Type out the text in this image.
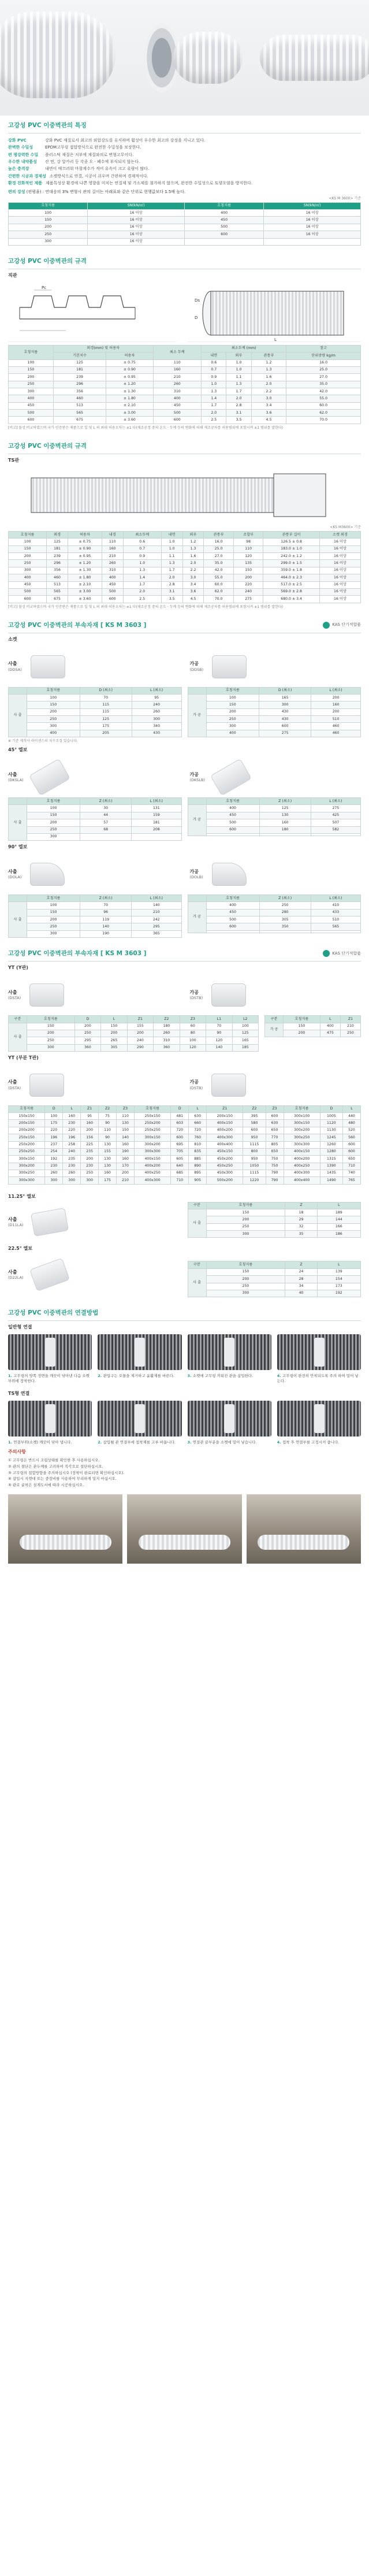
고강성 PVC 이중벽관의 특징
강화 PVC	강화 PVC 재질로서 최고의 외압강도를 유지하며 휨성이 우수한 최고의 강성을 지니고 있다.
완벽한 수밀성	EPDM고무링 접합방식으로 완전한 수밀성을 보장한다.
편 평강력한 수밀	플러스틱 재질은 저부에 재질와의로 변형고무이다.
우수한 내약품성	산 먼, 강 알카리 등 각종 오 · 폐수에 부식되지 않는다.
높은 충격강	내면이 매끄러워 마찰계수가 적어 유속이 크고 유량이 많다.
간편한 시공과 경제성 소켓방식으로 연결, 시공이 쉬우며 간편하며 경제적이다.
환경 친화적인 제품 제품특성상 환경에 나쁜 영향을 미치는 연질제 및 가소제를 첨가하지 않으며, 완전한 수밀성으로 토양오염을 방지한다.
편의 강성 (편평율) : 연대응의 3% 변형시 관의 길이는 아래표와 같은 단위로 현행값보다 1.5배 높다.
<KS M 3600> 기준
호칭지름	SN(kN/㎡)	호칭지름	SN(kN/㎡)
100	16 이상	400	16 이상
150	16 이상	450	16 이상
200	16 이상	500	16 이상
250	16 이상	600	16 이상
300	16 이상		
고강성 PVC 이중벽관의 규격
직관
Pc
Ds
L
D
호칭지름	외경(mm) 및 허용차		최소 두께	최소두께 (mm)			참고
	기본치수	허용차		내면	외부	관통부	단위중량 kg/m
100	125	± 0.75	110	0.6	1.0	1.2	16.0
150	181	± 0.90	160	0.7	1.0	1.3	25.0
200	239	± 0.95	210	0.9	1.1	1.6	27.0
250	296	± 1.20	260	1.0	1.3	2.0	35.0
300	356	± 1.30	310	1.3	1.7	2.2	42.0
400	460	± 1.80	400	1.4	2.0	3.0	55.0
450	513	± 2.10	450	1.7	2.8	3.4	60.0
500	565	± 3.00	500	2.0	3.1	3.6	62.0
600	675	± 3.60	600	2.5	3.5	4.5	70.0
[비고] 물성 비교하였으며 국가 인증받은 제품으로 일 및 L 의 최대 허용오차는 ±1 다(제조공정 중의 온도 · 두께 등의 변화에 의해 제조공차를 허용범위에 포함시켜 ±1 범위를 말한다)
고강성 PVC 이중벽관의 규격
TS관
<KS M3600> 기준
호칭지름	외경	허용차	내경	최소두께	내면	외부	관통부	조합부	관통부 길이	소켓 외경
100	125	± 0.75	110	0.6	1.0	1.2	16.0	98	126.5 ± 0.8	16 이상
150	181	± 0.90	160	0.7	1.0	1.3	25.0	110	183.0 ± 1.0	16 이상
200	239	± 0.95	210	0.9	1.1	1.6	27.0	120	242.0 ± 1.2	16 이상
250	296	± 1.20	260	1.0	1.3	2.0	35.0	135	299.0 ± 1.5	16 이상
300	356	± 1.30	310	1.3	1.7	2.2	42.0	150	359.0 ± 1.8	16 이상
400	460	± 1.80	400	1.4	2.0	3.0	55.0	200	464.0 ± 2.3	16 이상
450	513	± 2.10	450	1.7	2.8	3.4	60.0	220	517.0 ± 2.5	16 이상
500	565	± 3.00	500	2.0	3.1	3.6	62.0	240	569.0 ± 2.8	16 이상
600	675	± 3.60	600	2.5	3.5	4.5	70.0	275	680.0 ± 3.4	16 이상
[비고] 물성 비교하였으며 국가 인증받은 제품으로 일 및 L 의 최대 허용오차는 ±1 다(제조공정 중의 온도 · 두께 등의 변화에 의해 제조공차를 허용범위에 포함시켜 ±1 범위를 말한다)
고강성 PVC 이중벽관의 부속자재 [ KS M 3603 ]	KAS 단기적합품
소켓
사출
(DDSA)
가공
(DDSB)
	호칭지름	D (최소)	L (최소)
사 출	100	70	95
	150	115	240
	200	115	260
	250	125	300
	300	175	340
	400	205	430
	호칭지름	D (최소)	L (최소)
가 공	100	165	200
	150	300	160
	200	430	200
	250	430	510
	300	600	460
	400	275	460
※ 기준 제작사 라이센스의 치수조정 있습니다.
45° 엘보
사출
(DKSLA)
가공
(DKSLB)
	호칭지름	Z (최소)	L (최소)
사 출	100	30	131
	150	44	159
	200	57	181
	250	68	208
	300		
	호칭지름	Z (최소)	L (최소)
가 공	400	125	275
	450	130	425
	500	160	507
	600	180	582

90° 엘보
사출
(DOLA)
가공
(DOLB)
	호칭지름	Z (최소)	L (최소)
사 출	100	70	140
	150	96	210
	200	119	242
	250	140	295
	300	190	365
	호칭지름	Z (최소)	L (최소)
가 공	400	250	410
	450	280	433
	500	305	510
	600	350	565

고강성 PVC 이중벽관의 부속자재 [ KS M 3603 ]	KAS 단기적합품
YT (Y관)
사출
(DSTA)
가공
(DSTB)
구분	호칭지름	D	L	Z1	Z2	Z3	L1	L2
사 출	150	200	150	155	180	60	70	100
	200	250	200	200	260	80	90	125
	250	295	265	240	310	100	120	165
	300	360	305	290	360	120	140	185
구분	호칭지름	L	Z1
가 공	150	400	210
	200	475	250
YT (부분 T관)
사출
(DSTA)
가공
(DSTB)
호칭지름	D	L	Z1	Z2	Z3	호칭지름	D	L	Z1	Z2	Z3	호칭지름	D	L
150x150	100	160	95	75	110	250x150	481	630	200x150	395	600	300x100	1005	440
200x150	175	230	160	90	130	250x200	603	660	400x150	580	630	300x150	1120	480
200x200	220	220	200	110	150	250x250	720	720	400x200	600	650	300x200	1130	520
250x150	196	196	156	90	140	300x150	600	760	400x300	950	770	300x250	1245	560
250x200	237	258	225	130	160	300x200	695	810	400x400	1115	805	300x300	1260	600
250x250	254	240	235	155	190	300x300	705	835	450x150	800	650	400x150	1280	600
300x150	192	235	200	130	160	400x150	605	885	450x200	950	750	400x200	1315	650
300x200	230	230	230	130	170	400x200	640	890	450x250	1050	750	400x250	1390	710
300x250	260	260	250	160	200	400x250	685	895	450x300	1115	790	400x300	1435	740
300x300	300	300	300	175	210	400x300	710	905	500x200	1220	790	400x400	1490	765
11.25° 엘보
사출
(D11LA)
22.5° 엘보
사출
(D22LA)
구분	호칭지름	Z	L
사 출	150	18	189
	200	29	144
	250	32	166
	300	35	186
구분	호칭지름	Z	L
사 출	150	24	139
	200	28	154
	250	34	173
	300	40	192
고강성 PVC 이중벽관의 연결방법
일반형 연결
1. 고무링의 양쪽 정면을 깨끗이 닦아낸 다음 소켓 부위에 장착한다.
2. 관입구는 오물을 제거하고 윤활제를 바른다.	3. 소켓에 고무링 끼워진 관을 삽입한다.	4. 고무링이 완전히 안착되도록 주의 하며 밀어 넣는다.
TS형 연결
1. 연결부위(소켓) 깨끗이 닦아 냅니다.	2. 삽입될 관 연결부에 접착제를 고루 바릅니다.	3. 연결관 끝부분을 소켓에 밀어 넣습니다.	4. 접착 후 연결부를 고정시켜 줍니다.
주의사항
① 고무링은 반드시 조립상태를 확인한 후 사용하십시오.
② 관의 절단은 관두께를 고려하여 직각으로 절단하십시오.
③ 고무링의 접합방향을 주의하십시오 (장착이 완료되면 확인하십시오).
④ 삽입시 지렛대 또는 중장비를 사용하여 무리하게 밀지 마십시오.
⑤ 관로 굴착은 설계도서에 따라 시공하십시오.
